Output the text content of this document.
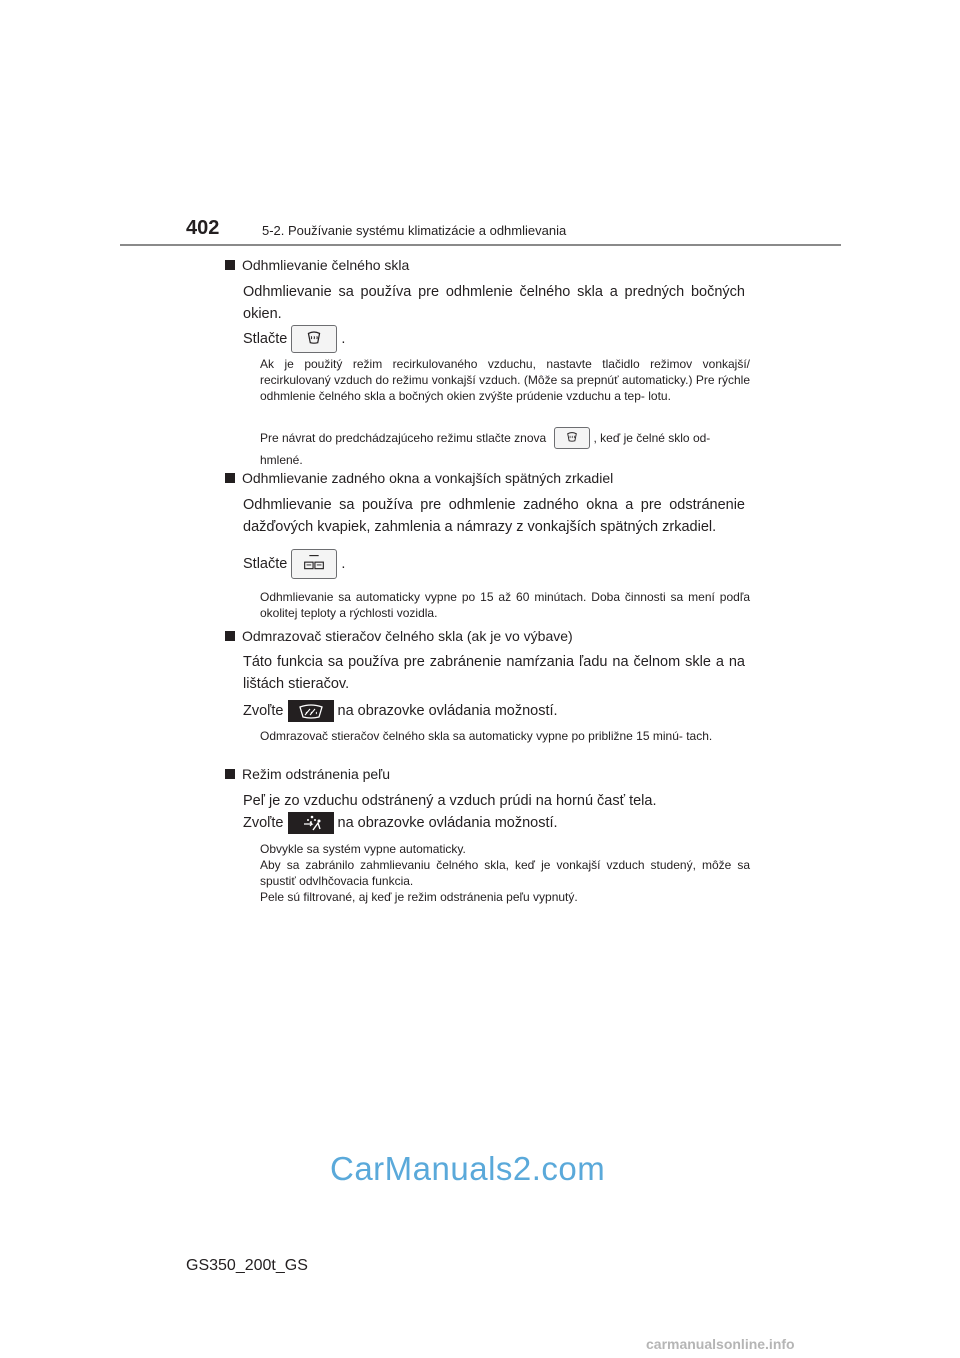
402	5-2. Používanie systému klimatizácie a odhmlievania
Odhmlievanie čelného skla
Odhmlievanie sa používa pre odhmlenie čelného skla a predných bočných okien.
Stlačte	.
Ak je použitý režim recirkulovaného vzduchu, nastavte tlačidlo režimov vonkajší/ recirkulovaný vzduch do režimu vonkajší vzduch. (Môže sa prepnúť automaticky.) Pre rýchle odhmlenie čelného skla a bočných okien zvýšte prúdenie vzduchu a tep- lotu.
Pre návrat do predchádzajúceho režimu stlačte znova	, keď je čelné sklo od- hmlené.
Odhmlievanie zadného okna a vonkajších spätných zrkadiel
Odhmlievanie sa používa pre odhmlenie zadného okna a pre odstránenie dažďových kvapiek, zahmlenia a námrazy z vonkajších spätných zrkadiel.
Stlačte	.
Odhmlievanie sa automaticky vypne po 15 až 60 minútach. Doba činnosti sa mení podľa okolitej teploty a rýchlosti vozidla.
Odmrazovač stieračov čelného skla (ak je vo výbave)
Táto funkcia sa používa pre zabránenie namŕzania ľadu na čelnom skle a na lištách stieračov.
Zvoľte	na obrazovke ovládania možností.
Odmrazovač stieračov čelného skla sa automaticky vypne po približne 15 minú- tach.
Režim odstránenia peľu
Peľ je zo vzduchu odstránený a vzduch prúdi na hornú časť tela.
Zvoľte	na obrazovke ovládania možností.
Obvykle sa systém vypne automaticky.
Aby sa zabránilo zahmlievaniu čelného skla, keď je vonkajší vzduch studený, môže sa spustiť odvlhčovacia funkcia.
Pele sú filtrované, aj keď je režim odstránenia peľu vypnutý.
CarManuals2.com
GS350_200t_GS
carmanualsonline.info
